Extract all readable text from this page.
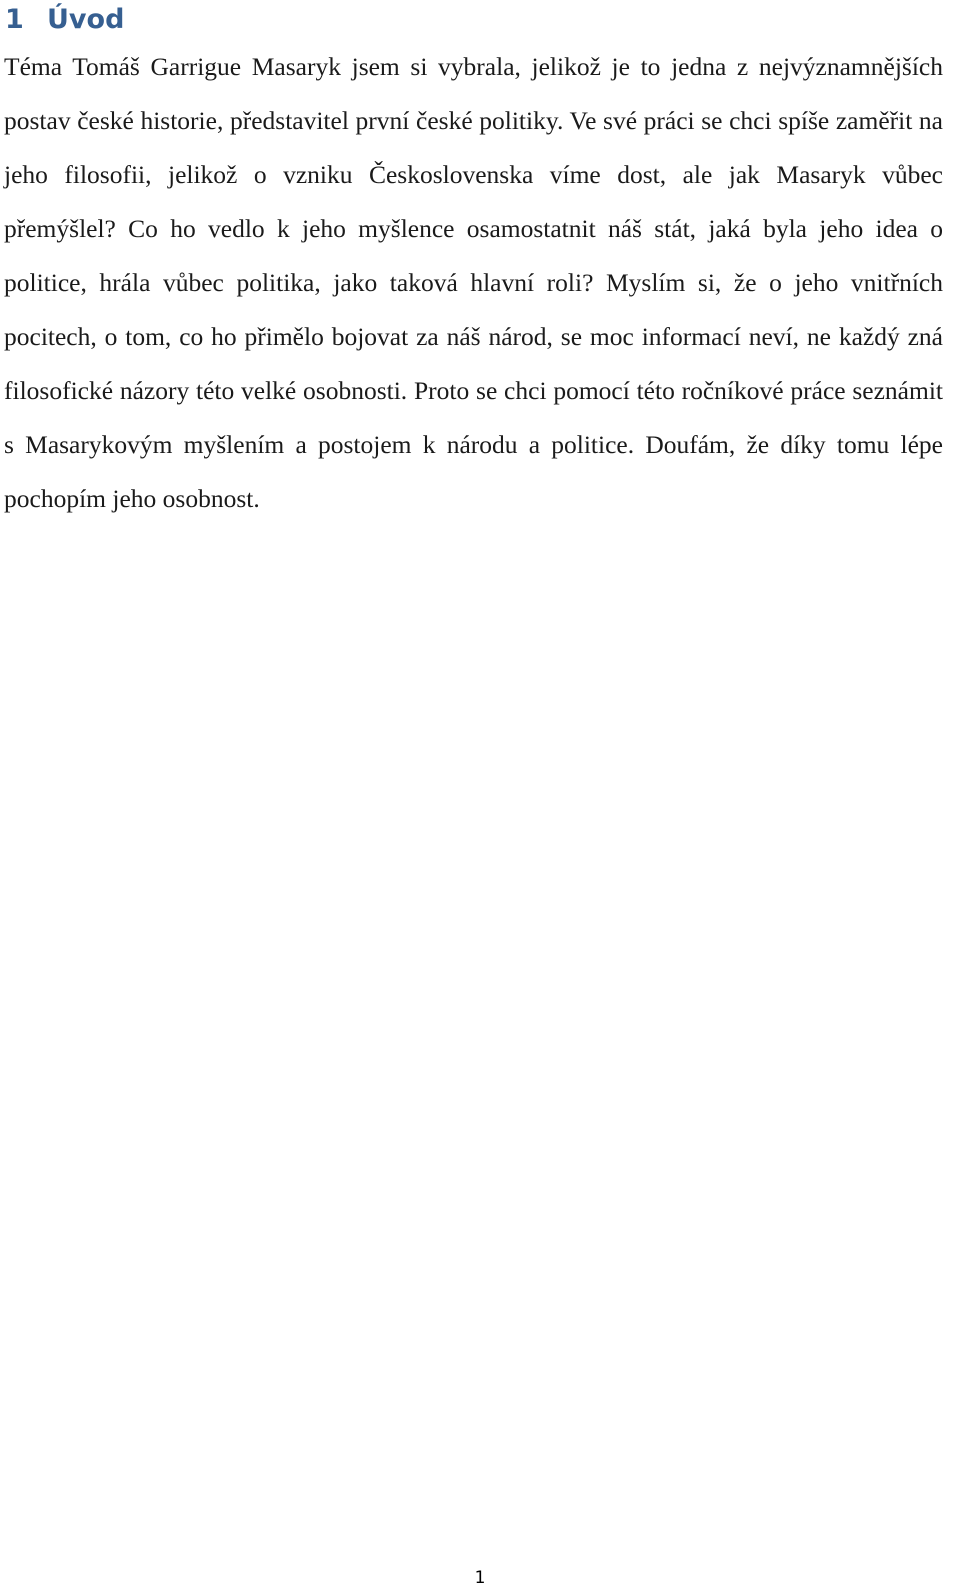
1 Úvod

Téma Tomáš Garrigue Masaryk jsem si vybrala, jelikož je to jedna z nejvýznamnějších postav české historie, představitel první české politiky. Ve své práci se chci spíše zaměřit na jeho filosofii, jelikož o vzniku Československa víme dost, ale jak Masaryk vůbec přemýšlel? Co ho vedlo k jeho myšlence osamostatnit náš stát, jaká byla jeho idea o politice, hrála vůbec politika, jako taková hlavní roli? Myslím si, že o jeho vnitřních pocitech, o tom, co ho přimělo bojovat za náš národ, se moc informací neví, ne každý zná filosofické názory této velké osobnosti. Proto se chci pomocí této ročníkové práce seznámit s Masarykovým myšlením a postojem k národu a politice. Doufám, že díky tomu lépe pochopím jeho osobnost.

1
